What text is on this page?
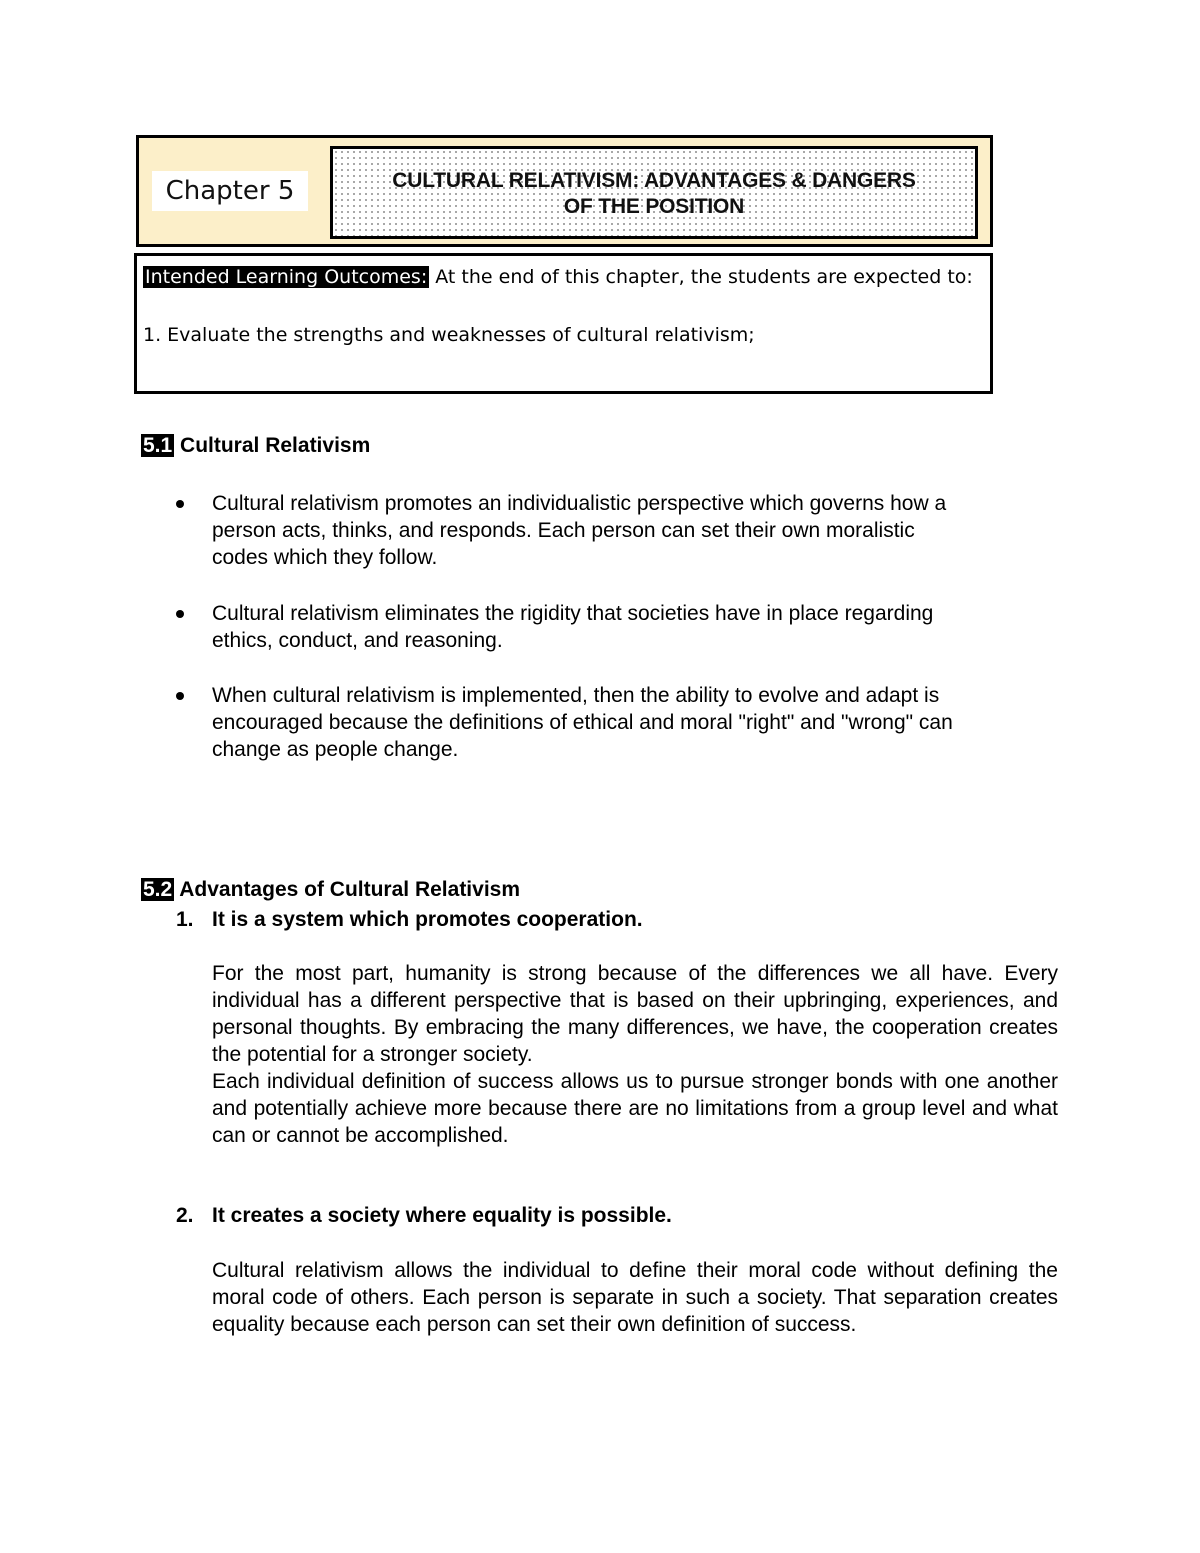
Chapter 5	CULTURAL RELATIVISM: ADVANTAGES & DANGERS
OF THE POSITION
Intended Learning Outcomes: At the end of this chapter, the students are expected to:
1. Evaluate the strengths and weaknesses of cultural relativism;
5.1 Cultural Relativism
Cultural relativism promotes an individualistic perspective which governs how a
person acts, thinks, and responds. Each person can set their own moralistic
codes which they follow.
Cultural relativism eliminates the rigidity that societies have in place regarding
ethics, conduct, and reasoning.
When cultural relativism is implemented, then the ability to evolve and adapt is
encouraged because the definitions of ethical and moral "right" and "wrong" can
change as people change.
5.2 Advantages of Cultural Relativism
1. It is a system which promotes cooperation.
For the most part, humanity is strong because of the differences we all have. Every individual has a different perspective that is based on their upbringing, experiences, and personal thoughts. By embracing the many differences, we have, the cooperation creates the potential for a stronger society.
Each individual definition of success allows us to pursue stronger bonds with one another and potentially achieve more because there are no limitations from a group level and what can or cannot be accomplished.
2. It creates a society where equality is possible.
Cultural relativism allows the individual to define their moral code without defining the moral code of others. Each person is separate in such a society. That separation creates equality because each person can set their own definition of success.
